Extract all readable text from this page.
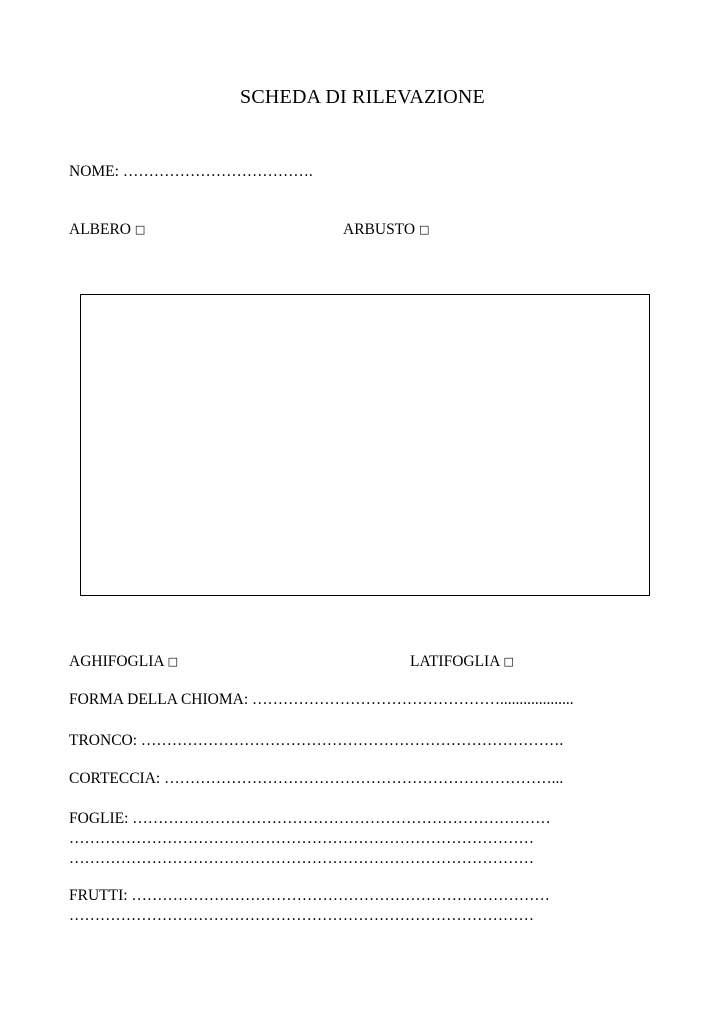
SCHEDA DI RILEVAZIONE
NOME: ……………………………….
ALBERO □	ARBUSTO □
AGHIFOGLIA □	LATIFOGLIA □
FORMA DELLA CHIOMA: …………………………………………...................
TRONCO: ……………………………………………………………………….
CORTECCIA: …………………………………………………………………...
FOGLIE: ………………………………………………………………………
………………………………………………………………………………
………………………………………………………………………………
FRUTTI: ………………………………………………………………………
………………………………………………………………………………
